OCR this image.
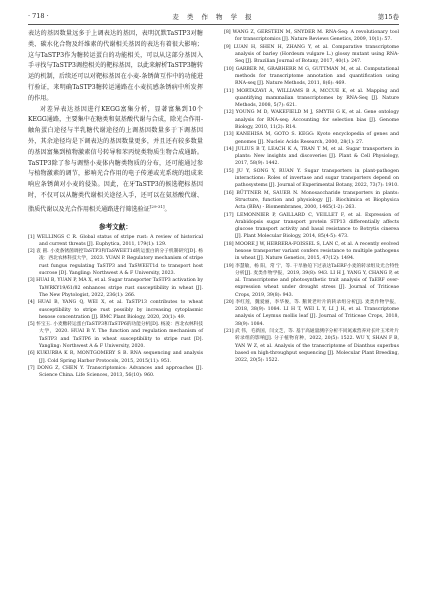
· 718 ·	麦 类 作 物 学 报	第15卷

表达的基因数量远多于上调表达的基因，表明沉默TaSTP3对糖类、碳水化合物及纤维素的代谢相关基因的表达有着很大影响；这与TaSTP3作为糖转运蛋白的功能相关，可以从这部分基因入手寻找与TaSTP3调控相关的靶标基因，以此来解析TaSTP3糖转运的机制，后续还可以对靶标基因在小麦-条锈菌互作中的功能进行验证，来明确TaSTP3糖转运通路在小麦抗感条锈病中所发挥的作用。

对差异表达基因进行KEGG富集分析，显著富集到10个KEGG通路，主要集中在糖类和氨基酸代谢与合成，除光合作用-触角蛋白途径与半乳糖代谢途径的上调基因数量多于下调基因外，其余途径均是下调表达的基因数量更多，并且还有较多数量的基因富集到植物激素信号转导和苯丙烷类物质生物合成通路。TaSTP3除了参与调整小麦体内糖类物质的分布，还可能通过参与植物激素的调节，影响光合作用的电子传递或光系统的组成来响应条锈菌对小麦的侵染。因此，在牙TaSTP3的候选靶标基因时，不仅可以从糖类代谢相关途径入手，还可以在氨基酸代谢、脂质代谢以及光合作用相关通路进行筛选验证[29-31]。

参考文献：

[1] WELLINGS C R. Global status of stripe rust: A review of historical and current threats [J]. Euphytica, 2011, 179(1): 129.

[2] 袁 圆. 小麦条锈菌调控TaSTP3和TaSWEET1d转运蛋白的分子机制研究[D]. 杨凌：西北农林科技大学，2023. YUAN P. Regulatory mechanism of stripe rust fungus regulating TaSTP3 and TaSWEET1d to transport host sucrose [D]. Yangling: Northwest A & F University, 2023.

[3] HUAI B, YUAN P, MA X, et al. Sugar transporter TaSTP3 activation by TaWRKY19/61/82 enhances stripe rust susceptibility in wheat [J]. The New Phytologist, 2022, 236(1): 266.

[4] HUAI B, YANG Q, WEI X, et al. TaSTP13 contributes to wheat susceptibility to stripe rust possibly by increasing cytoplasmic hexose concentration [J]. BMC Plant Biology, 2020, 20(1): 49.

[5] 怀宝玉. 小麦糖转运蛋白TaSTP3和TaSTP6的功能分析[D]. 杨凌：西北农林科技大学，2020. HUAI B Y. The function and regulation mechanism of TaSTP3 and TaSTP6 in wheat susceptibility to stripe rust [D]. Yangling: Northwest A & F University, 2020.

[6] KUKURBA K R, MONTGOMERY S B. RNA sequencing and analysis [J]. Cold Spring Harbor Protocols, 2015, 2015(11): 951.

[7] DONG Z, CHEN Y. Transcriptomics: Advances and approaches [J]. Science China. Life Sciences, 2013, 56(10): 960.

[8] WANG Z, GERSTEIN M, SNYDER M. RNA-Seq: A revolutionary tool for transcriptomics [J]. Nature Reviews Genetics, 2009, 10(1): 57.

[9] LUAN H, SHEN H, ZHANG Y, et al. Comparative transcriptome analysis of barley (Hordeum vulgare L.) glossy mutant using RNA-Seq [J]. Brazilian Journal of Botany, 2017, 40(1): 247.

[10] GARBER M, GRABHERR M G, GUTTMAN M, et al. Computational methods for transcriptome annotation and quantification using RNA-seq [J]. Nature Methods, 2011, 8(6): 469.

[11] MORTAZAVI A, WILLIAMS B A, MCCUE K, et al. Mapping and quantifying mammalian transcriptomes by RNA-Seq [J]. Nature Methods, 2008, 5(7): 621.

[12] YOUNG M D, WAKEFIELD M J, SMYTH G K, et al. Gene ontology analysis for RNA-seq: Accounting for selection bias [J]. Genome Biology, 2010, 11(2): R14.

[13] KANEHISA M, GOTO S. KEGG: Kyoto encyclopedia of genes and genomes [J]. Nucleic Acids Research, 2000, 28(1): 27.

[14] JULIUS B T, LEACH K A, TRAN T M, et al. Sugar transporters in plants: New insights and discoveries [J]. Plant & Cell Physiology, 2017, 58(9): 1442.

[15] JU Y, SONG Y, RUAN Y. Sugar transporters in plant-pathogen interactions: Roles of invertase and sugar transporters depend on pathosystems [J]. Journal of Experimental Botany, 2022, 73(7): 1910.

[16] BÜTTNER M, SAUER N. Monosaccharide transporters in plants: Structure, function and physiology [J]. Biochimica et Biophysica Acta (BBA) - Biomembranes, 2000, 1465(1-2): 263.

[17] LEMONNIER P, GAILLARD C, VEILLET F, et al. Expression of Arabidopsis sugar transport protein STP13 differentially affects glucose transport activity and basal resistance to Botrytis cinerea [J]. Plant Molecular Biology, 2014, 85(4-5): 473.

[18] MOORE J W, HERRERA-FOISSEL S, LAN C, et al. A recently evolved hexose transporter variant confers resistance to multiple pathogens in wheat [J]. Nature Genetics, 2015, 47(12): 1494.

[19] 李慧敏，杨 阳，常 宁，等. 干旱胁迫下过表达TaERF小麦的转录组及光合特性分析[J]. 麦类作物学报，2019, 39(8): 943. LI H J, YANG Y, CHANG P, et al. Transcriptome and photosynthetic trait analysis of TaERF over-expression wheat under drought stress [J]. Journal of Triticeae Crops, 2019, 39(8): 943.

[20] 李红莲，魏爱丽，李华俊，等. 鹅黄老叶片的转录组分析[J]. 麦类作物学报，2018, 38(9): 1084. LI H T, WEI L Y, LI J H, et al. Transcriptome analysis of Leymus mollis leaf [J]. Journal of Triticeae Crops, 2018, 38(9): 1084.

[21] 武 伟，毛新国，闫文芝，等. 基于高通量测序分析不同氮素营养对长叶玉米叶片转录组的影响[J]. 分子植物育种，2022, 20(5): 1522. WU Y, SHAN F B, YAN W Z, et al. Analysis of the transcriptome of Dianthus superbus based on high-throughput sequencing [J]. Molecular Plant Breeding, 2022, 20(5): 1522.
